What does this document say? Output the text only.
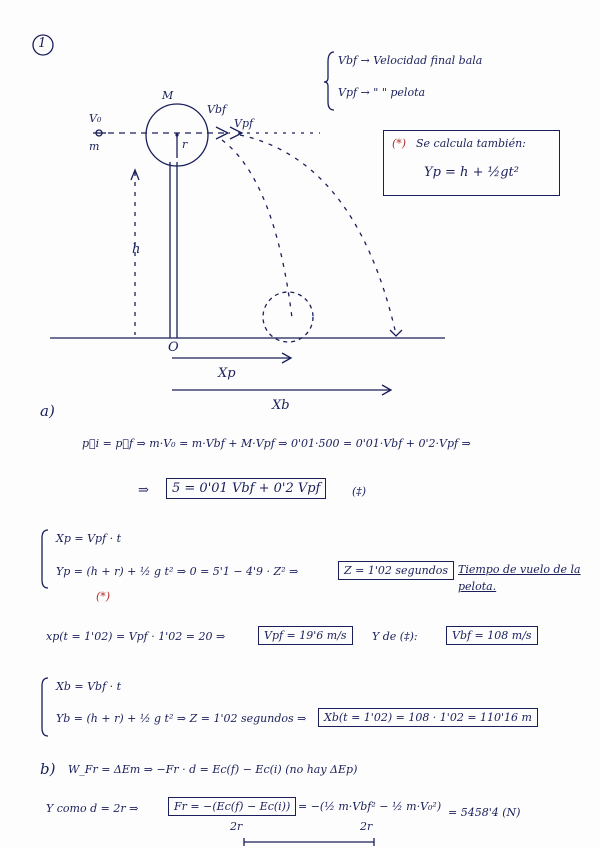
1
M
V₀
m
Vbf
Vpf
r
h
O
Xp
Xb
Vbf → Velocidad final bala
Vpf → " " pelota
(*) Se calcula también:
Yp = h + ½gt²
a)
p⃗i = p⃗f ⇒ m·V₀ = m·Vbf + M·Vpf ⇒ 0'01·500 = 0'01·Vbf + 0'2·Vpf ⇒
⇒	5 = 0'01 Vbf + 0'2 Vpf	(‡)
Xp = Vpf · t
Yp = (h + r) + ½ g t² ⇒ 0 = 5'1 − 4'9 · Z² ⇒
(*)
Z = 1'02 segundos Tiempo de vuelo de la
pelota.
xp(t = 1'02) = Vpf · 1'02 = 20 ⇒	Vpf = 19'6 m/s	Y de (‡):	Vbf = 108 m/s
Xb = Vbf · t
Yb = (h + r) + ½ g t² ⇒ Z = 1'02 segundos ⇒	Xb(t = 1'02) = 108 · 1'02 = 110'16 m
b) W_Fr = ΔEm ⇒ −Fr · d = Ec(f) − Ec(i) (no hay ΔEp)
Y como d = 2r ⇒	Fr = −(Ec(f) − Ec(i))
2r
= −(½ m·Vbf² − ½ m·V₀²)
2r
= 5458'4 (N)
